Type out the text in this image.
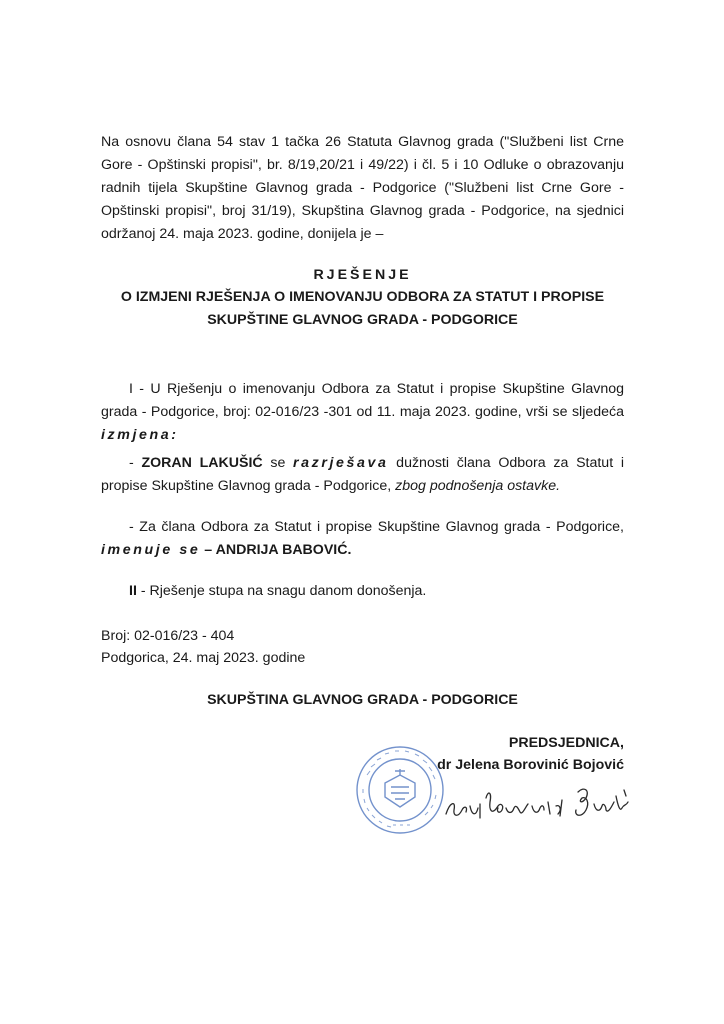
Na osnovu člana 54 stav 1 tačka 26 Statuta Glavnog grada ("Službeni list Crne Gore - Opštinski propisi", br. 8/19,20/21 i 49/22) i čl. 5 i 10 Odluke o obrazovanju radnih tijela Skupštine Glavnog grada - Podgorice ("Službeni list Crne Gore - Opštinski propisi", broj 31/19), Skupština Glavnog grada - Podgorice, na sjednici održanoj 24. maja 2023. godine, donijela je –

RJEŠENJE

O IZMJENI RJEŠENJA O IMENOVANJU ODBORA ZA STATUT I PROPISE

SKUPŠTINE GLAVNOG GRADA - PODGORICE

I - U Rješenju o imenovanju Odbora za Statut i propise Skupštine Glavnog grada - Podgorice, broj: 02-016/23 -301 od 11. maja 2023. godine, vrši se sljedeća izmjena:

- ZORAN LAKUŠIĆ se razrješava dužnosti člana Odbora za Statut i propise Skupštine Glavnog grada - Podgorice, zbog podnošenja ostavke.

- Za člana Odbora za Statut i propise Skupštine Glavnog grada - Podgorice, imenuje se – ANDRIJA BABOVIĆ.

II - Rješenje stupa na snagu danom donošenja.

Broj: 02-016/23 - 404

Podgorica, 24. maj 2023. godine

SKUPŠTINA GLAVNOG GRADA - PODGORICE

PREDSJEDNICA,

dr Jelena Borovinić Bojović
